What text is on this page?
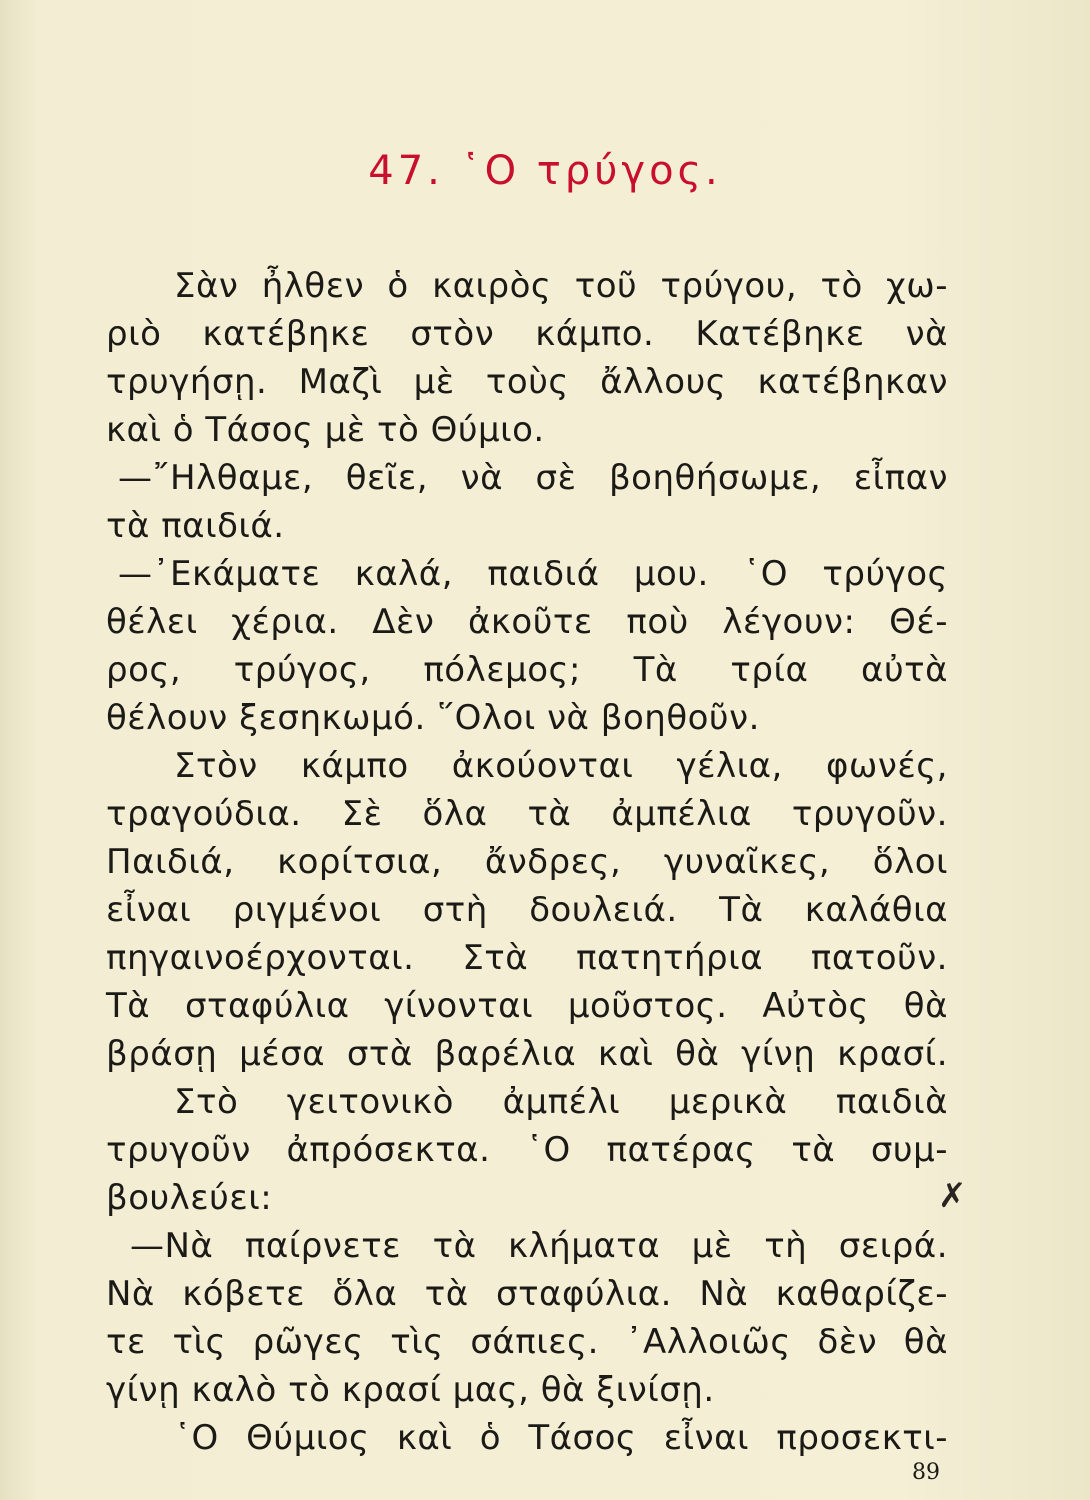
47. ῾Ο τρύγος.
Σὰν ἦλθεν ὁ καιρὸς τοῦ τρύγου, τὸ χω-
ριὸ κατέβηκε στὸν κάμπο. Κατέβηκε νὰ
τρυγήσῃ. Μαζὶ μὲ τοὺς ἄλλους κατέβηκαν
καὶ ὁ Τάσος μὲ τὸ Θύμιο.
—῎Ηλθαμε, θεῖε, νὰ σὲ βοηθήσωμε, εἶπαν
τὰ παιδιά.
—᾿Εκάματε καλά, παιδιά μου. ῾Ο τρύγος
θέλει χέρια. Δὲν ἀκοῦτε ποὺ λέγουν: Θέ-
ρος, τρύγος, πόλεμος; Τὰ τρία αὐτὰ
θέλουν ξεσηκωμό. ῞Ολοι νὰ βοηθοῦν.
Στὸν κάμπο ἀκούονται γέλια, φωνές,
τραγούδια. Σὲ ὅλα τὰ ἀμπέλια τρυγοῦν.
Παιδιά, κορίτσια, ἄνδρες, γυναῖκες, ὅλοι
εἶναι ριγμένοι στὴ δουλειά. Τὰ καλάθια
πηγαινοέρχονται. Στὰ πατητήρια πατοῦν.
Τὰ σταφύλια γίνονται μοῦστος. Αὐτὸς θὰ
βράσῃ μέσα στὰ βαρέλια καὶ θὰ γίνῃ κρασί.
Στὸ γειτονικὸ ἀμπέλι μερικὰ παιδιὰ
τρυγοῦν ἀπρόσεκτα. ῾Ο πατέρας τὰ συμ-
βουλεύει:
—Νὰ παίρνετε τὰ κλήματα μὲ τὴ σειρά.
Νὰ κόβετε ὅλα τὰ σταφύλια. Νὰ καθαρίζε-
τε τὶς ρῶγες τὶς σάπιες. ᾿Αλλοιῶς δὲν θὰ
γίνῃ καλὸ τὸ κρασί μας, θὰ ξινίσῃ.
῾Ο Θύμιος καὶ ὁ Τάσος εἶναι προσεκτι-
✗
89
